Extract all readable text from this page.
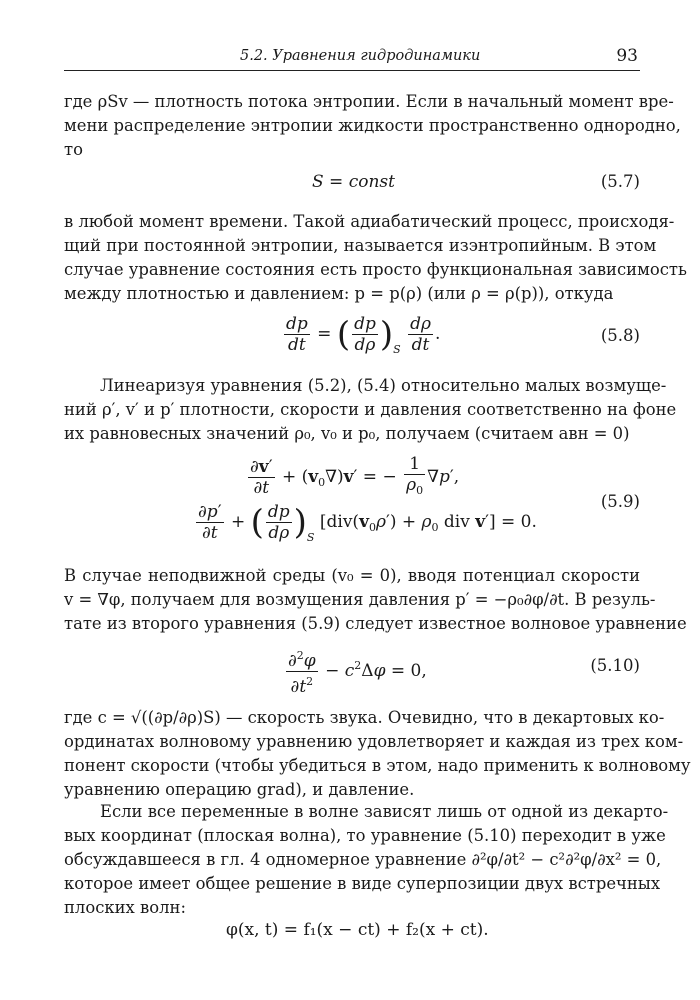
5.2. Уравнения гидродинамики	93
где ρSv — плотность потока энтропии. Если в начальный момент вре-
мени распределение энтропии жидкости пространственно однородно,
то
S = const	(5.7)
в любой момент времени. Такой адиабатический процесс, происходя-
щий при постоянной энтропии, называется изэнтропийным. В этом
случае уравнение состояния есть просто функциональная зависимость
между плотностью и давлением: p = p(ρ) (или ρ = ρ(p)), откуда
$\frac{dp}{dt}$ = ( $\frac{dp}{d\rho} )_S \frac{d\rho}{dt}$ .	(5.8)
Линеаризуя уравнения (5.2), (5.4) относительно малых возмуще-
ний ρ′, v′ и p′ плотности, скорости и давления соответственно на фоне
их равновесных значений ρ₀, v₀ и p₀, получаем (считаем aвн = 0)
$\frac{\partial v'}{\partial t} + (v_0\nabla)v'$ = − $\frac{1}{\rho_0} \nabla p'$,
$\frac{\partial p'}{\partial t}$ + ( $\frac{dp}{d\rho} )_S$ [$div(v_0\rho') + \rho_0$ div v′] = 0.
(5.9)
В случае неподвижной среды (v₀ = 0), вводя потенциал скорости
v = ∇φ, получаем для возмущения давления p′ = −ρ₀∂φ/∂t. В резуль-
тате из второго уравнения (5.9) следует известное волновое уравнение
$\frac{\partial^2\varphi}{\partial t^2} - c^2\Delta\varphi = 0$,	(5.10)
где c = √((∂p/∂ρ)S) — скорость звука. Очевидно, что в декартовых ко-
ординатах волновому уравнению удовлетворяет и каждая из трех ком-
понент скорости (чтобы убедиться в этом, надо применить к волновому
уравнению операцию grad), и давление.
Если все переменные в волне зависят лишь от одной из декарто-
вых координат (плоская волна), то уравнение (5.10) переходит в уже
обсуждавшееся в гл. 4 одномерное уравнение ∂²φ/∂t² − c²∂²φ/∂x² = 0,
которое имеет общее решение в виде суперпозиции двух встречных
плоских волн:
φ(x, t) = f₁(x − ct) + f₂(x + ct).
